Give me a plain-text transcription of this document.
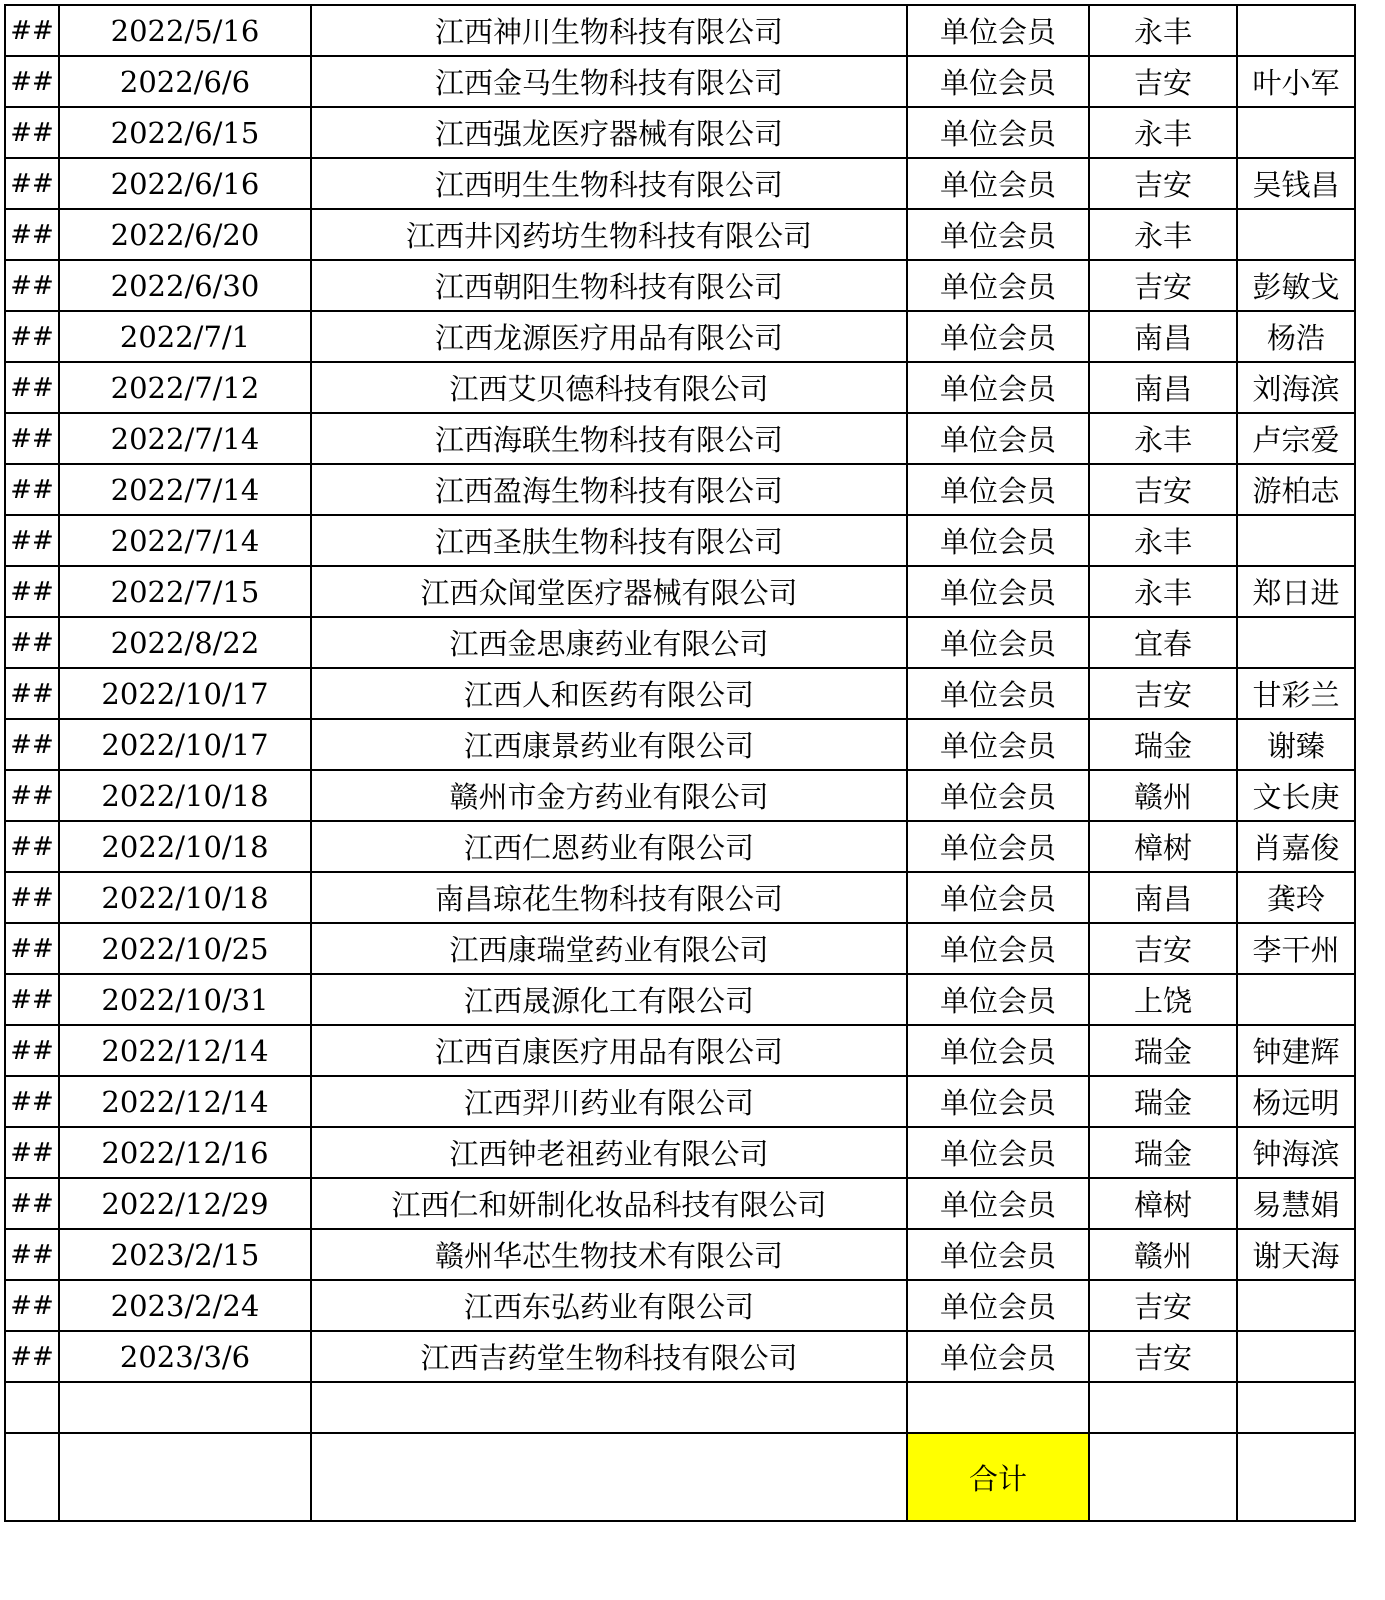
##	2022/5/16	江西神川生物科技有限公司	单位会员	永丰	
##	2022/6/6	江西金马生物科技有限公司	单位会员	吉安	叶小军
##	2022/6/15	江西强龙医疗器械有限公司	单位会员	永丰	
##	2022/6/16	江西明生生物科技有限公司	单位会员	吉安	吴钱昌
##	2022/6/20	江西井冈药坊生物科技有限公司	单位会员	永丰	
##	2022/6/30	江西朝阳生物科技有限公司	单位会员	吉安	彭敏戈
##	2022/7/1	江西龙源医疗用品有限公司	单位会员	南昌	杨浩
##	2022/7/12	江西艾贝德科技有限公司	单位会员	南昌	刘海滨
##	2022/7/14	江西海联生物科技有限公司	单位会员	永丰	卢宗爱
##	2022/7/14	江西盈海生物科技有限公司	单位会员	吉安	游柏志
##	2022/7/14	江西圣肤生物科技有限公司	单位会员	永丰	
##	2022/7/15	江西众闻堂医疗器械有限公司	单位会员	永丰	郑日进
##	2022/8/22	江西金思康药业有限公司	单位会员	宜春	
##	2022/10/17	江西人和医药有限公司	单位会员	吉安	甘彩兰
##	2022/10/17	江西康景药业有限公司	单位会员	瑞金	谢臻
##	2022/10/18	赣州市金方药业有限公司	单位会员	赣州	文长庚
##	2022/10/18	江西仁恩药业有限公司	单位会员	樟树	肖嘉俊
##	2022/10/18	南昌琼花生物科技有限公司	单位会员	南昌	龚玲
##	2022/10/25	江西康瑞堂药业有限公司	单位会员	吉安	李干州
##	2022/10/31	江西晟源化工有限公司	单位会员	上饶	
##	2022/12/14	江西百康医疗用品有限公司	单位会员	瑞金	钟建辉
##	2022/12/14	江西羿川药业有限公司	单位会员	瑞金	杨远明
##	2022/12/16	江西钟老祖药业有限公司	单位会员	瑞金	钟海滨
##	2022/12/29	江西仁和妍制化妆品科技有限公司	单位会员	樟树	易慧娟
##	2023/2/15	赣州华芯生物技术有限公司	单位会员	赣州	谢天海
##	2023/2/24	江西东弘药业有限公司	单位会员	吉安	
##	2023/3/6	江西吉药堂生物科技有限公司	单位会员	吉安	

			合计		
